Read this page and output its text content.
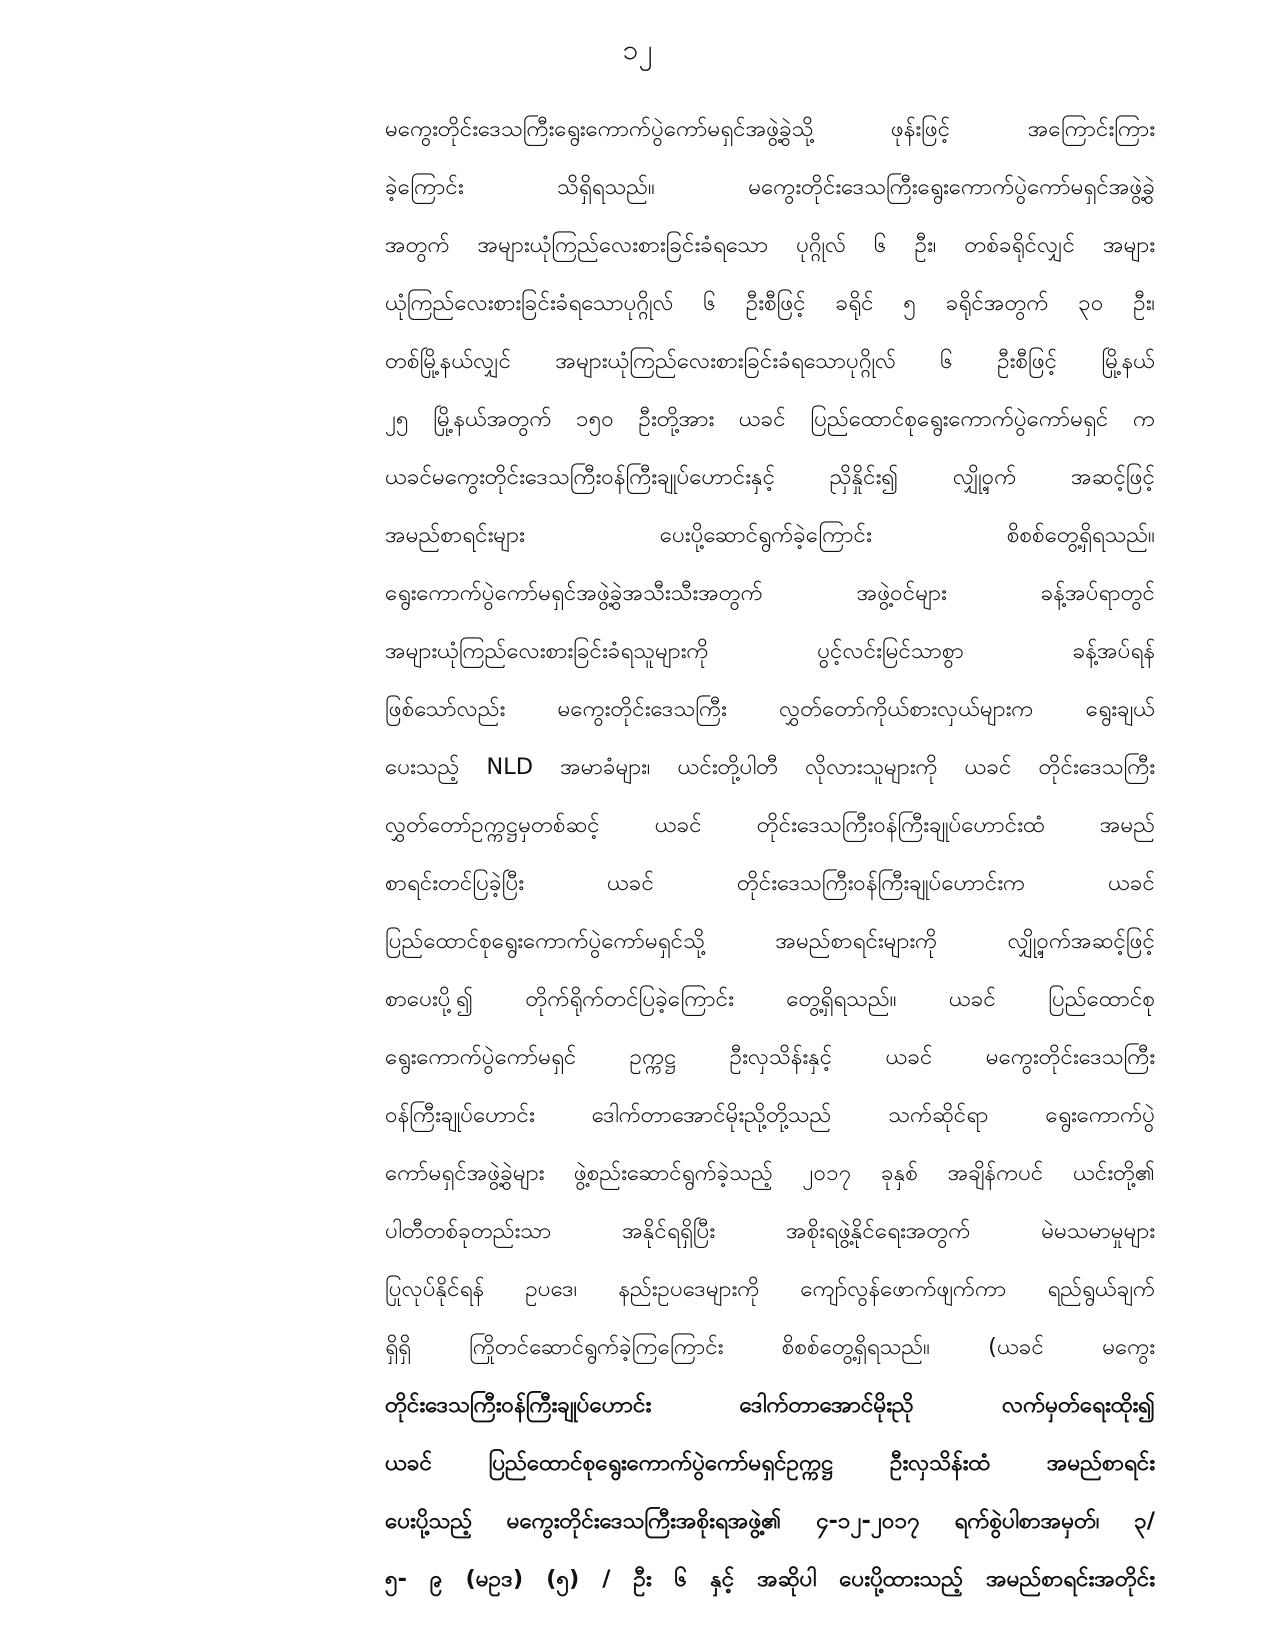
၁၂
မကွေးတိုင်းဒေသကြီးရွေးကောက်ပွဲကော်မရှင်အဖွဲ့ခွဲသို့ ဖုန်းဖြင့် အကြောင်းကြား
ခဲ့ကြောင်း သိရှိရသည်။ မကွေးတိုင်းဒေသကြီးရွေးကောက်ပွဲကော်မရှင်အဖွဲ့ခွဲ
အတွက် အများယုံကြည်လေးစားခြင်းခံရသော ပုဂ္ဂိုလ် ၆ ဦး၊ တစ်ခရိုင်လျှင် အများ
ယုံကြည်လေးစားခြင်းခံရသောပုဂ္ဂိုလ် ၆ ဦးစီဖြင့် ခရိုင် ၅ ခရိုင်အတွက် ၃၀ ဦး၊
တစ်မြို့နယ်လျှင် အများယုံကြည်လေးစားခြင်းခံရသောပုဂ္ဂိုလ် ၆ ဦးစီဖြင့် မြို့နယ်
၂၅ မြို့နယ်အတွက် ၁၅၀ ဦးတို့အား ယခင် ပြည်ထောင်စုရွေးကောက်ပွဲကော်မရှင် က
ယခင်မကွေးတိုင်းဒေသကြီးဝန်ကြီးချုပ်ဟောင်းနှင့် ညှိနှိုင်း၍ လျှို့ဝှက် အဆင့်ဖြင့်
အမည်စာရင်းများ ပေးပို့ဆောင်ရွက်ခဲ့ကြောင်း စိစစ်တွေ့ရှိရသည်။
ရွေးကောက်ပွဲကော်မရှင်အဖွဲ့ခွဲအသီးသီးအတွက် အဖွဲ့ဝင်များ ခန့်အပ်ရာတွင်
အများယုံကြည်လေးစားခြင်းခံရသူများကို ပွင့်လင်းမြင်သာစွာ ခန့်အပ်ရန်
ဖြစ်သော်လည်း မကွေးတိုင်းဒေသကြီး လွှတ်တော်ကိုယ်စားလှယ်များက ရွေးချယ်
ပေးသည့် NLD အမာခံများ၊ ယင်းတို့ပါတီ လိုလားသူများကို ယခင် တိုင်းဒေသကြီး
လွှတ်တော်ဥက္ကဋ္ဌမှတစ်ဆင့် ယခင် တိုင်းဒေသကြီးဝန်ကြီးချုပ်ဟောင်းထံ အမည်
စာရင်းတင်ပြခဲ့ပြီး ယခင် တိုင်းဒေသကြီးဝန်ကြီးချုပ်ဟောင်းက ယခင်
ပြည်ထောင်စုရွေးကောက်ပွဲကော်မရှင်သို့ အမည်စာရင်းများကို လျှို့ဝှက်အဆင့်ဖြင့်
စာပေးပို့၍ တိုက်ရိုက်တင်ပြခဲ့ကြောင်း တွေ့ရှိရသည်။ ယခင် ပြည်ထောင်စု
ရွေးကောက်ပွဲကော်မရှင် ဥက္ကဋ္ဌ ဦးလှသိန်းနှင့် ယခင် မကွေးတိုင်းဒေသကြီး
ဝန်ကြီးချုပ်ဟောင်း ဒေါက်တာအောင်မိုးညို့တို့သည် သက်ဆိုင်ရာ ရွေးကောက်ပွဲ
ကော်မရှင်အဖွဲ့ခွဲများ ဖွဲ့စည်းဆောင်ရွက်ခဲ့သည့် ၂၀၁၇ ခုနှစ် အချိန်ကပင် ယင်းတို့၏
ပါတီတစ်ခုတည်းသာ အနိုင်ရရှိပြီး အစိုးရဖွဲ့နိုင်ရေးအတွက် မဲမသမာမှုများ
ပြုလုပ်နိုင်ရန် ဥပဒေ၊ နည်းဥပဒေများကို ကျော်လွန်ဖောက်ဖျက်ကာ ရည်ရွယ်ချက်
ရှိရှိ ကြိုတင်ဆောင်ရွက်ခဲ့ကြကြောင်း စိစစ်တွေ့ရှိရသည်။ (ယခင် မကွေး
တိုင်းဒေသကြီးဝန်ကြီးချုပ်ဟောင်း ဒေါက်တာအောင်မိုးညို လက်မှတ်ရေးထိုး၍
ယခင် ပြည်ထောင်စုရွေးကောက်ပွဲကော်မရှင်ဥက္ကဋ္ဌ ဦးလှသိန်းထံ အမည်စာရင်း
ပေးပို့သည့် မကွေးတိုင်းဒေသကြီးအစိုးရအဖွဲ့၏ ၄-၁၂-၂၀၁၇ ရက်စွဲပါစာအမှတ်၊ ၃/
၅- ၉ (မဥဒ) (၅) / ဦး ၆ နှင့် အဆိုပါ ပေးပို့ထားသည့် အမည်စာရင်းအတိုင်း
